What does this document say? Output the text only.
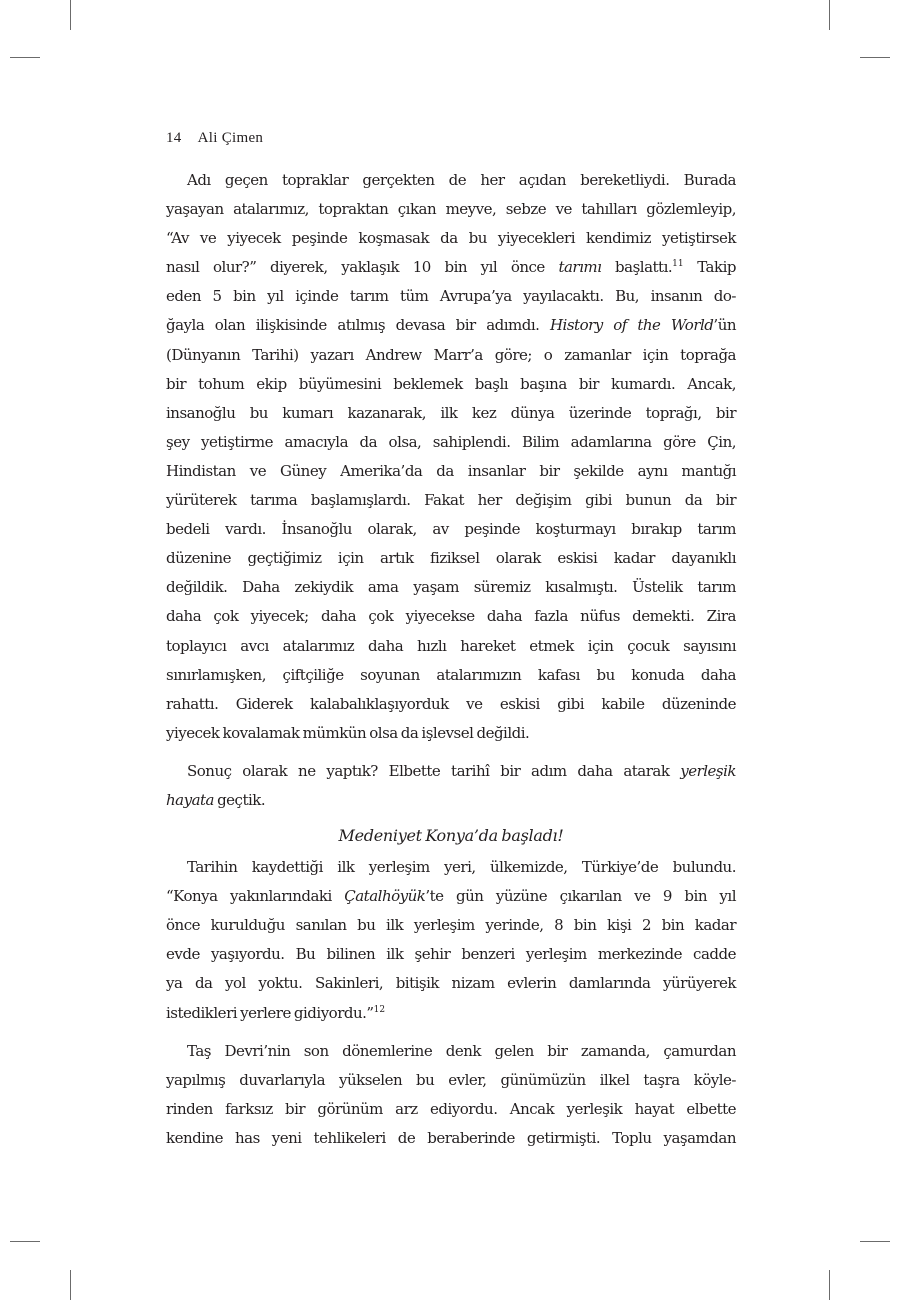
14 Ali Çimen
Adı geçen topraklar gerçekten de her açıdan bereketliydi. Burada
yaşayan atalarımız, topraktan çıkan meyve, sebze ve tahılları gözlemleyip,
“Av ve yiyecek peşinde koşmasak da bu yiyecekleri kendimiz yetiştirsek
nasıl olur?” diyerek, yaklaşık 10 bin yıl önce tarımı başlattı.$^{11}$ Takip
eden 5 bin yıl içinde tarım tüm Avrupa’ya yayılacaktı. Bu, insanın do-
ğayla olan ilişkisinde atılmış devasa bir adımdı. History of the World’ün
(Dünyanın Tarihi) yazarı Andrew Marr’a göre; o zamanlar için toprağa
bir tohum ekip büyümesini beklemek başlı başına bir kumardı. Ancak,
insanoğlu bu kumarı kazanarak, ilk kez dünya üzerinde toprağı, bir
şey yetiştirme amacıyla da olsa, sahiplendi. Bilim adamlarına göre Çin,
Hindistan ve Güney Amerika’da da insanlar bir şekilde aynı mantığı
yürüterek tarıma başlamışlardı. Fakat her değişim gibi bunun da bir
bedeli vardı. İnsanoğlu olarak, av peşinde koşturmayı bırakıp tarım
düzenine geçtiğimiz için artık fiziksel olarak eskisi kadar dayanıklı
değildik. Daha zekiydik ama yaşam süremiz kısalmıştı. Üstelik tarım
daha çok yiyecek; daha çok yiyecekse daha fazla nüfus demekti. Zira
toplayıcı avcı atalarımız daha hızlı hareket etmek için çocuk sayısını
sınırlamışken, çiftçiliğe soyunan atalarımızın kafası bu konuda daha
rahattı. Giderek kalabalıklaşıyorduk ve eskisi gibi kabile düzeninde
yiyecek kovalamak mümkün olsa da işlevsel değildi.
Sonuç olarak ne yaptık? Elbette tarihî bir adım daha atarak yerleşik
hayata geçtik.
Medeniyet Konya’da başladı!
Tarihin kaydettiği ilk yerleşim yeri, ülkemizde, Türkiye’de bulundu.
“Konya yakınlarındaki Çatalhöyük’te gün yüzüne çıkarılan ve 9 bin yıl
önce kurulduğu sanılan bu ilk yerleşim yerinde, 8 bin kişi 2 bin kadar
evde yaşıyordu. Bu bilinen ilk şehir benzeri yerleşim merkezinde cadde
ya da yol yoktu. Sakinleri, bitişik nizam evlerin damlarında yürüyerek
istedikleri yerlere gidiyordu.”$^{12}$
Taş Devri’nin son dönemlerine denk gelen bir zamanda, çamurdan
yapılmış duvarlarıyla yükselen bu evler, günümüzün ilkel taşra köyle-
rinden farksız bir görünüm arz ediyordu. Ancak yerleşik hayat elbette
kendine has yeni tehlikeleri de beraberinde getirmişti. Toplu yaşamdan
